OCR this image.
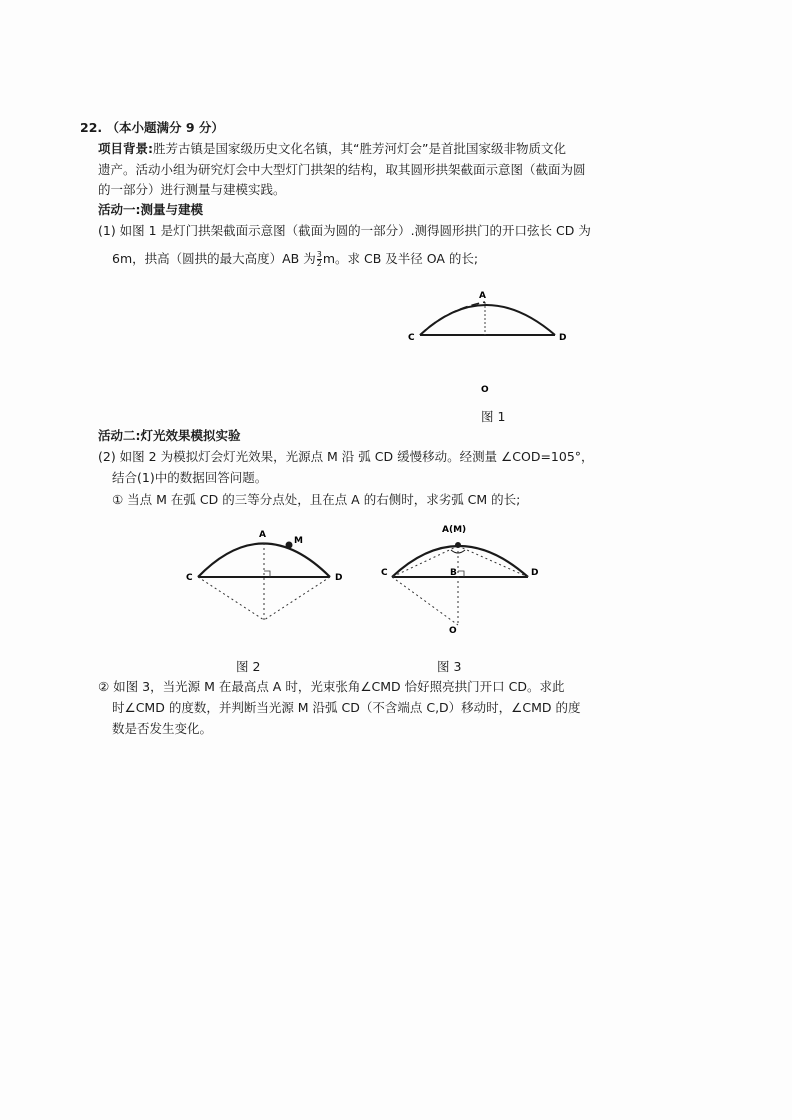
22. （本小题满分 9 分）
项目背景:胜芳古镇是国家级历史文化名镇，其“胜芳河灯会”是首批国家级非物质文化
遗产。活动小组为研究灯会中大型灯门拱架的结构，取其圆形拱架截面示意图（截面为圆
的一部分）进行测量与建模实践。
活动一:测量与建模
(1) 如图 1 是灯门拱架截面示意图（截面为圆的一部分）.测得圆形拱门的开口弦长 CD 为
6m，拱高（圆拱的最大高度）AB 为 $\frac{3}{2}$ m。求 CB 及半径 OA 的长;
A
C	D
O
图 1
活动二:灯光效果模拟实验
(2) 如图 2 为模拟灯会灯光效果，光源点 M 沿 弧 CD 缓慢移动。经测量 ∠COD=105°，
结合(1)中的数据回答问题。
① 当点 M 在弧 CD 的三等分点处，且在点 A 的右侧时，求劣弧 CM 的长;
A
M
C	D
图 2
A(M)
B
C	D
O
图 3
② 如图 3，当光源 M 在最高点 A 时，光束张角∠CMD 恰好照亮拱门开口 CD。求此
时∠CMD 的度数，并判断当光源 M 沿弧 CD（不含端点 C,D）移动时，∠CMD 的度
数是否发生变化。
